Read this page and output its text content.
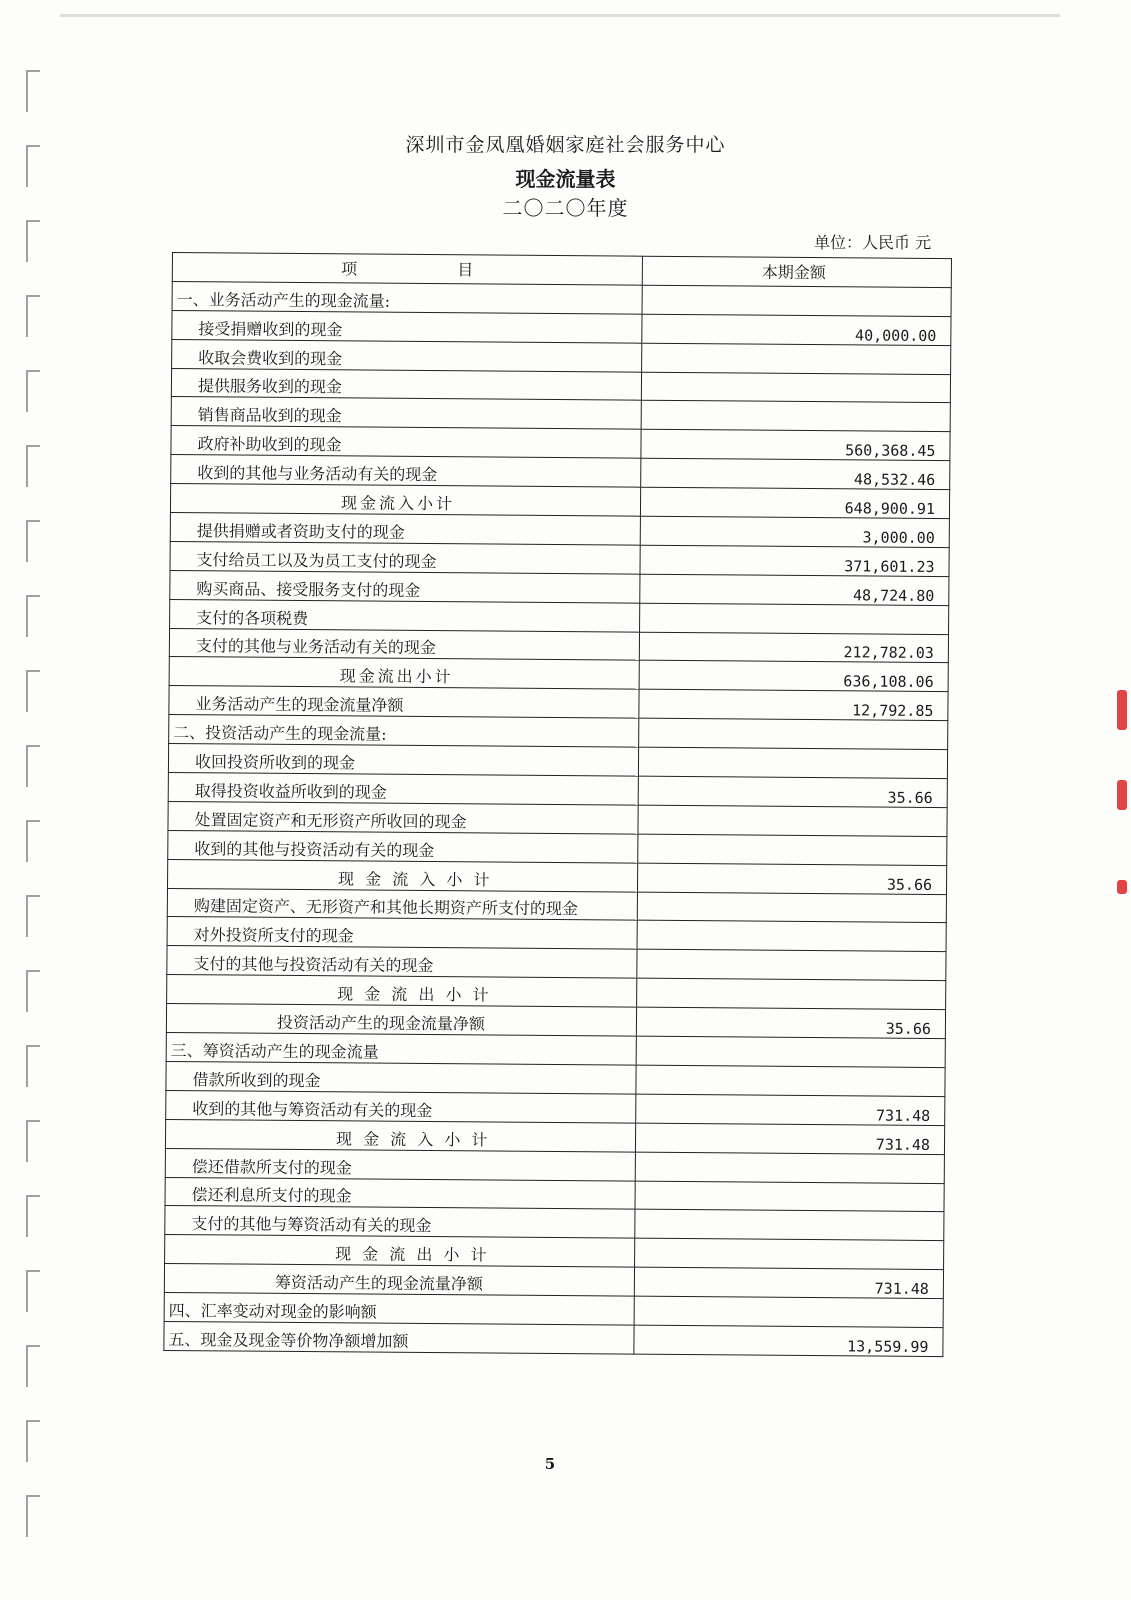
深圳市金凤凰婚姻家庭社会服务中心
现金流量表
二〇二〇年度
单位：人民币 元
项 目	本期金额
一、业务活动产生的现金流量:	
接受捐赠收到的现金	40,000.00
收取会费收到的现金	
提供服务收到的现金	
销售商品收到的现金	
政府补助收到的现金	560,368.45
收到的其他与业务活动有关的现金	48,532.46
现金流入小计	648,900.91
提供捐赠或者资助支付的现金	3,000.00
支付给员工以及为员工支付的现金	371,601.23
购买商品、接受服务支付的现金	48,724.80
支付的各项税费	
支付的其他与业务活动有关的现金	212,782.03
现金流出小计	636,108.06
业务活动产生的现金流量净额	12,792.85
二、投资活动产生的现金流量:	
收回投资所收到的现金	
取得投资收益所收到的现金	35.66
处置固定资产和无形资产所收回的现金	
收到的其他与投资活动有关的现金	
现 金 流 入 小 计	35.66
购建固定资产、无形资产和其他长期资产所支付的现金	
对外投资所支付的现金	
支付的其他与投资活动有关的现金	
现 金 流 出 小 计	
投资活动产生的现金流量净额	35.66
三、筹资活动产生的现金流量	
借款所收到的现金	
收到的其他与筹资活动有关的现金	731.48
现 金 流 入 小 计	731.48
偿还借款所支付的现金	
偿还利息所支付的现金	
支付的其他与筹资活动有关的现金	
现 金 流 出 小 计	
筹资活动产生的现金流量净额	731.48
四、汇率变动对现金的影响额	
五、现金及现金等价物净额增加额	13,559.99
5
